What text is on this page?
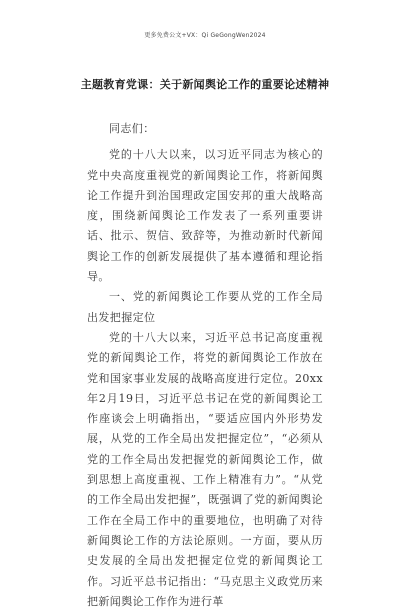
更多免费公文+VX：Qi GeGongWen2024
主题教育党课：关于新闻舆论工作的重要论述精神

同志们：

党的十八大以来，以习近平同志为核心的党中央高度重视党的新闻舆论工作，将新闻舆论工作提升到治国理政定国安邦的重大战略高度，围绕新闻舆论工作发表了一系列重要讲话、批示、贺信、致辞等，为推动新时代新闻舆论工作的创新发展提供了基本遵循和理论指导。

一、党的新闻舆论工作要从党的工作全局出发把握定位

党的十八大以来，习近平总书记高度重视党的新闻舆论工作，将党的新闻舆论工作放在党和国家事业发展的战略高度进行定位。20xx年2月19日，习近平总书记在党的新闻舆论工作座谈会上明确指出，“要适应国内外形势发展，从党的工作全局出发把握定位”，“必须从党的工作全局出发把握党的新闻舆论工作，做到思想上高度重视、工作上精准有力”。“从党的工作全局出发把握”，既强调了党的新闻舆论工作在全局工作中的重要地位，也明确了对待新闻舆论工作的方法论原则。一方面，要从历史发展的全局出发把握定位党的新闻舆论工作。习近平总书记指出：“马克思主义政党历来把新闻舆论工作作为进行革
